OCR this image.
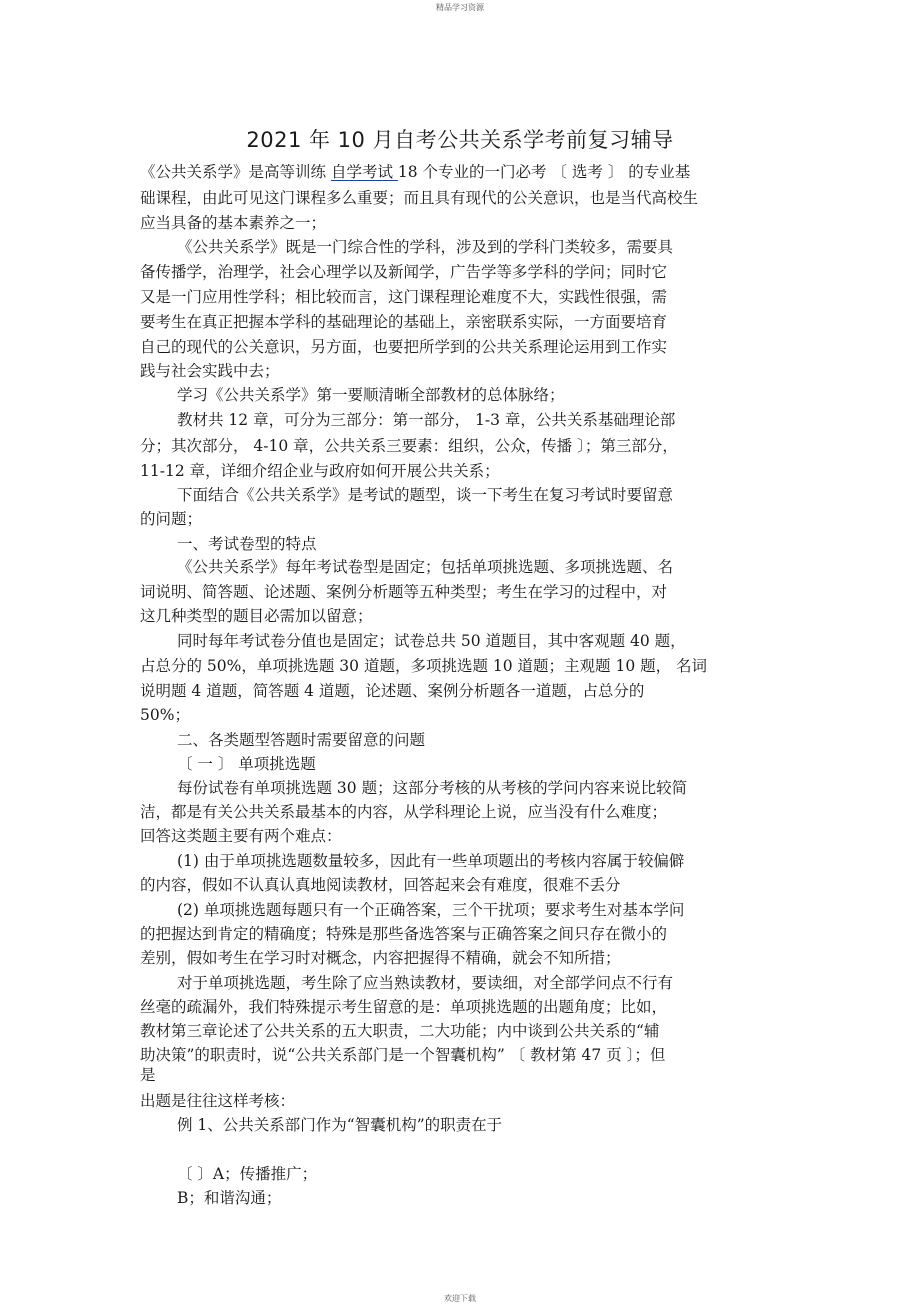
精品学习资源
2021 年 10 月自考公共关系学考前复习辅导
《公共关系学》是高等训练 自学考试 18 个专业的一门必考 〔 选考 〕 的专业基
础课程，由此可见这门课程多么重要；而且具有现代的公关意识，也是当代高校生
应当具备的基本素养之一；
《公共关系学》既是一门综合性的学科，涉及到的学科门类较多，需要具
备传播学，治理学，社会心理学以及新闻学，广告学等多学科的学问；同时它
又是一门应用性学科；相比较而言，这门课程理论难度不大，实践性很强，需
要考生在真正把握本学科的基础理论的基础上，亲密联系实际，一方面要培育
自己的现代的公关意识，另方面，也要把所学到的公共关系理论运用到工作实
践与社会实践中去；
学习《公共关系学》第一要顺清晰全部教材的总体脉络；
教材共 12 章，可分为三部分：第一部分， 1-3 章，公共关系基础理论部
分；其次部分， 4-10 章，公共关系三要素：组织，公众，传播 〕；第三部分，
11-12 章，详细介绍企业与政府如何开展公共关系；
下面结合《公共关系学》是考试的题型，谈一下考生在复习考试时要留意
的问题；
一、考试卷型的特点
《公共关系学》每年考试卷型是固定；包括单项挑选题、多项挑选题、名
词说明、简答题、论述题、案例分析题等五种类型；考生在学习的过程中，对
这几种类型的题目必需加以留意；
同时每年考试卷分值也是固定；试卷总共 50 道题目，其中客观题 40 题，
占总分的 50%，单项挑选题 30 道题，多项挑选题 10 道题；主观题 10 题， 名词
说明题 4 道题，简答题 4 道题，论述题、案例分析题各一道题，占总分的
50%；
二、各类题型答题时需要留意的问题
〔 一 〕 单项挑选题
每份试卷有单项挑选题 30 题；这部分考核的从考核的学问内容来说比较简
洁，都是有关公共关系最基本的内容，从学科理论上说，应当没有什么难度；
回答这类题主要有两个难点：
(1) 由于单项挑选题数量较多，因此有一些单项题出的考核内容属于较偏僻
的内容，假如不认真认真地阅读教材，回答起来会有难度，很难不丢分
(2) 单项挑选题每题只有一个正确答案，三个干扰项；要求考生对基本学问
的把握达到肯定的精确度；特殊是那些备选答案与正确答案之间只存在微小的
差别，假如考生在学习时对概念，内容把握得不精确，就会不知所措；
对于单项挑选题，考生除了应当熟读教材，要读细，对全部学问点不行有
丝毫的疏漏外，我们特殊提示考生留意的是：单项挑选题的出题角度；比如，
教材第三章论述了公共关系的五大职责，二大功能；内中谈到公共关系的“辅
助决策”的职责时，说“公共关系部门是一个智囊机构” 〔 教材第 47 页 〕；但
是
出题是往往这样考核：
例 1、公共关系部门作为“智囊机构”的职责在于
〔 〕A；传播推广；
B；和谐沟通；
欢迎下载
